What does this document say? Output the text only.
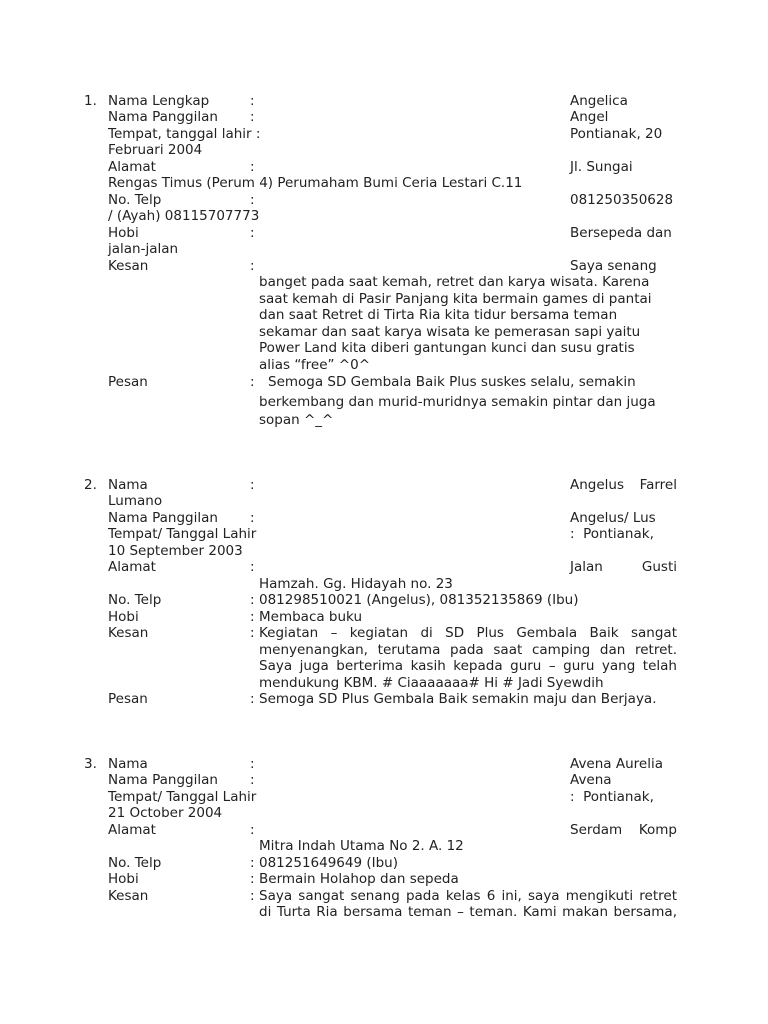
1. Nama Lengkap	:	Angelica
Nama Panggilan :	Angel
Tempat, tanggal lahir :	Pontianak, 20
Februari 2004
Alamat	:	Jl. Sungai
Rengas Timus (Perum 4) Perumaham Bumi Ceria Lestari C.11
No. Telp	:	081250350628
/ (Ayah) 08115707773
Hobi	:	Bersepeda dan
jalan-jalan
Kesan	:	Saya senang
banget pada saat kemah, retret dan karya wisata. Karena
saat kemah di Pasir Panjang kita bermain games di pantai
dan saat Retret di Tirta Ria kita tidur bersama teman
sekamar dan saat karya wisata ke pemerasan sapi yaitu
Power Land kita diberi gantungan kunci dan susu gratis
alias “free” ^0^
Pesan	: Semoga SD Gembala Baik Plus suskes selalu, semakin
berkembang dan murid-muridnya semakin pintar dan juga
sopan ^_^
2. Nama	:	Angelus Farrel
Lumano
Nama Panggilan :	Angelus/ Lus
Tempat/ Tanggal Lahir	:  Pontianak,
10 September 2003
Alamat	:	Jalan Gusti
Hamzah. Gg. Hidayah no. 23
No. Telp	: 081298510021 (Angelus), 081352135869 (Ibu)
Hobi	: Membaca buku
Kesan	: Kegiatan – kegiatan di SD Plus Gembala Baik sangat
menyenangkan, terutama pada saat camping dan retret.
Saya juga berterima kasih kepada guru – guru yang telah
mendukung KBM. # Ciaaaaaaa# Hi # Jadi Syewdih
Pesan	: Semoga SD Plus Gembala Baik semakin maju dan Berjaya.
3. Nama	:	Avena Aurelia
Nama Panggilan :	Avena
Tempat/ Tanggal Lahir	:  Pontianak,
21 October 2004
Alamat	:	Serdam Komp
Mitra Indah Utama No 2. A. 12
No. Telp	: 081251649649 (Ibu)
Hobi	: Bermain Holahop dan sepeda
Kesan	: Saya sangat senang pada kelas 6 ini, saya mengikuti retret
di Turta Ria bersama teman – teman. Kami makan bersama,
